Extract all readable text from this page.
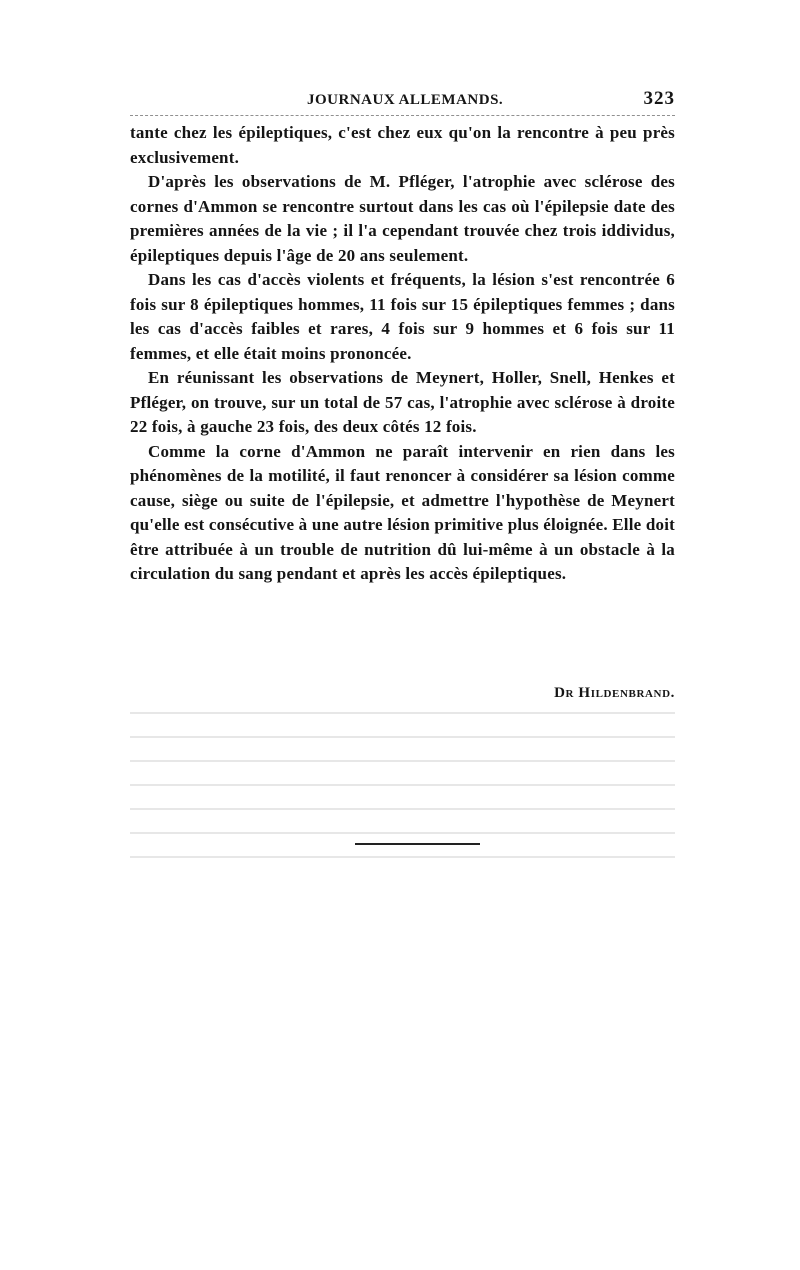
JOURNAUX ALLEMANDS.	323

tante chez les épileptiques, c'est chez eux qu'on la rencontre à peu près exclusivement.

D'après les observations de M. Pfléger, l'atrophie avec sclérose des cornes d'Ammon se rencontre surtout dans les cas où l'épilepsie date des premières années de la vie ; il l'a cependant trouvée chez trois iddividus, épileptiques depuis l'âge de 20 ans seulement.

Dans les cas d'accès violents et fréquents, la lésion s'est rencontrée 6 fois sur 8 épileptiques hommes, 11 fois sur 15 épileptiques femmes ; dans les cas d'accès faibles et rares, 4 fois sur 9 hommes et 6 fois sur 11 femmes, et elle était moins prononcée.

En réunissant les observations de Meynert, Holler, Snell, Henkes et Pfléger, on trouve, sur un total de 57 cas, l'atrophie avec sclérose à droite 22 fois, à gauche 23 fois, des deux côtés 12 fois.

Comme la corne d'Ammon ne paraît intervenir en rien dans les phénomènes de la motilité, il faut renoncer à considérer sa lésion comme cause, siège ou suite de l'épilepsie, et admettre l'hypothèse de Meynert qu'elle est consécutive à une autre lésion primitive plus éloignée. Elle doit être attribuée à un trouble de nutrition dû lui-même à un obstacle à la circulation du sang pendant et après les accès épileptiques.

Dr Hildenbrand.
